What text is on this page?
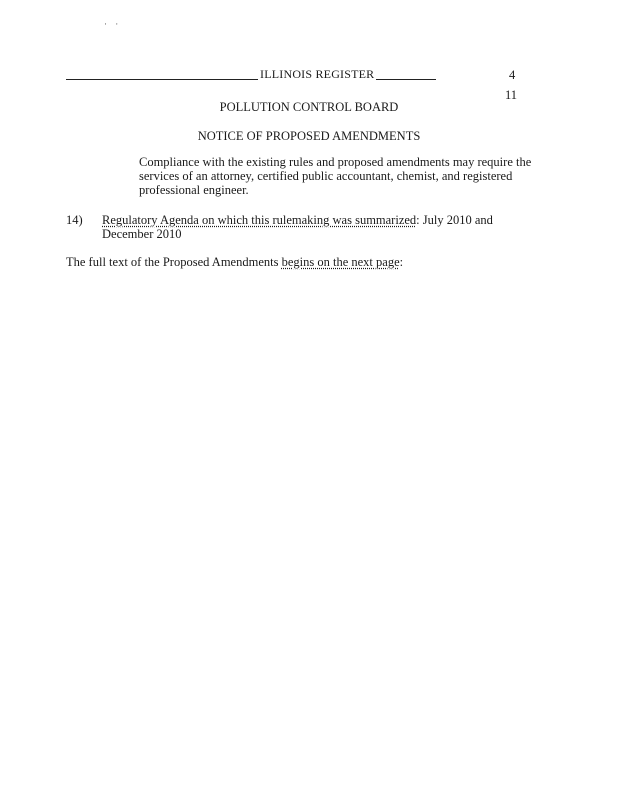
· ·
ILLINOIS REGISTER	4
11
POLLUTION CONTROL BOARD
NOTICE OF PROPOSED AMENDMENTS
Compliance with the existing rules and proposed amendments may require the services of an attorney, certified public accountant, chemist, and registered professional engineer.
14) Regulatory Agenda on which this rulemaking was summarized: July 2010 and December 2010
The full text of the Proposed Amendments begins on the next page:
